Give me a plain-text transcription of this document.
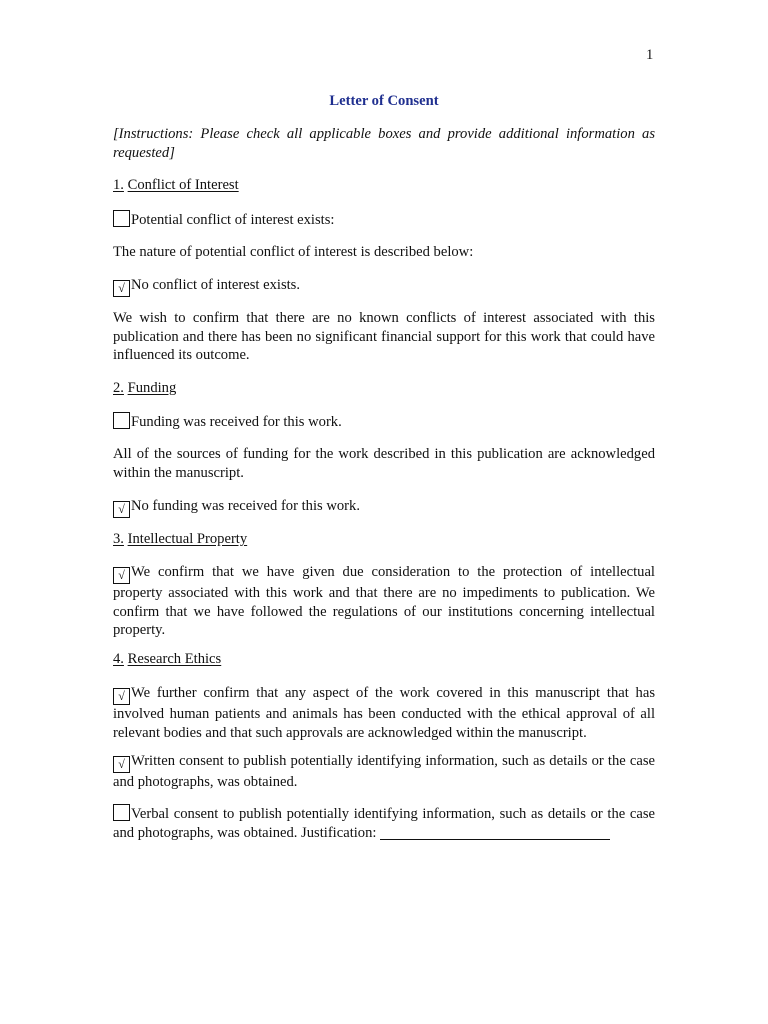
1
Letter of Consent

[Instructions: Please check all applicable boxes and provide additional information as requested]

1. Conflict of Interest
Potential conflict of interest exists:

The nature of potential conflict of interest is described below:

√ No conflict of interest exists.

We wish to confirm that there are no known conflicts of interest associated with this publication and there has been no significant financial support for this work that could have influenced its outcome.

2. Funding
Funding was received for this work.

All of the sources of funding for the work described in this publication are acknowledged within the manuscript.

√ No funding was received for this work.
3. Intellectual Property
√ We confirm that we have given due consideration to the protection of intellectual property associated with this work and that there are no impediments to publication. We confirm that we have followed the regulations of our institutions concerning intellectual property.
4. Research Ethics
√ We further confirm that any aspect of the work covered in this manuscript that has involved human patients and animals has been conducted with the ethical approval of all relevant bodies and that such approvals are acknowledged within the manuscript.
√ Written consent to publish potentially identifying information, such as details or the case and photographs, was obtained.
Verbal consent to publish potentially identifying information, such as details or the case and photographs, was obtained. Justification:
